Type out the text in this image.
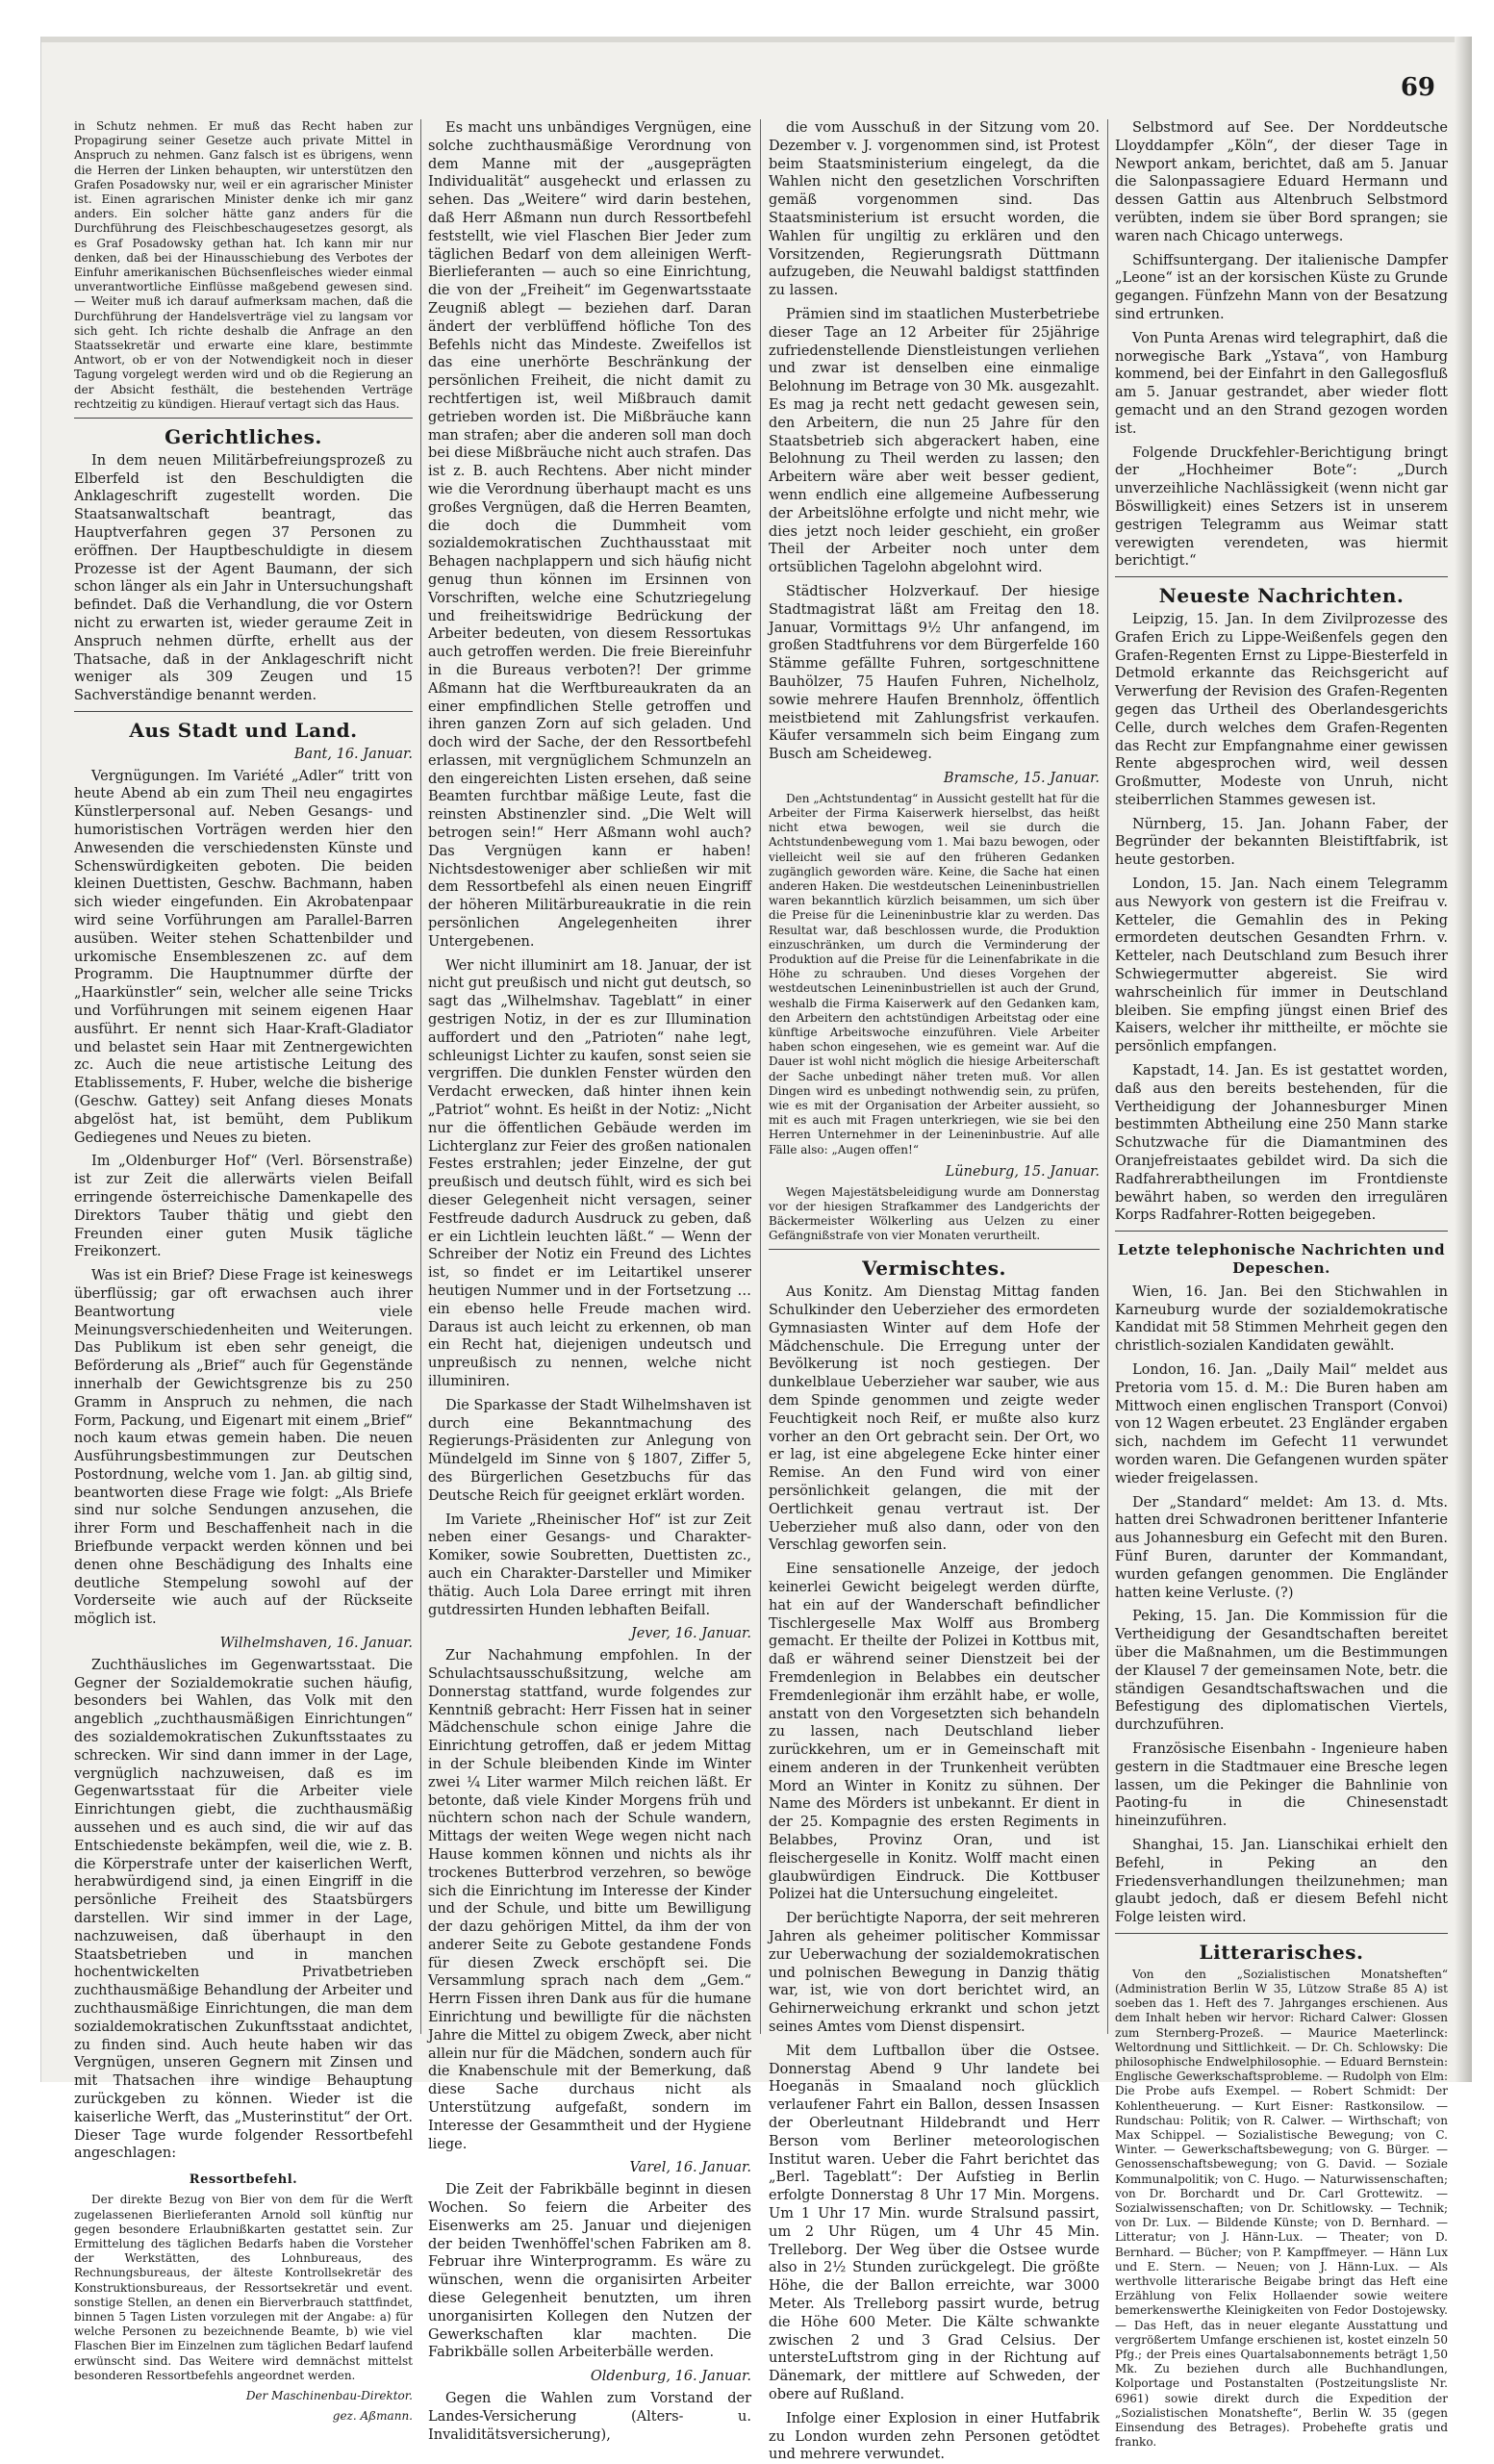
69

in Schutz nehmen. Er muß das Recht haben zur Propagirung seiner Gesetze auch private Mittel in Anspruch zu nehmen. Ganz falsch ist es übrigens, wenn die Herren der Linken behaupten, wir unterstützen den Grafen Posadowsky nur, weil er ein agrarischer Minister ist. Einen agrarischen Minister denke ich mir ganz anders. Ein solcher hätte ganz anders für die Durchführung des Fleischbeschaugesetzes gesorgt, als es Graf Posadowsky gethan hat. Ich kann mir nur denken, daß bei der Hinausschiebung des Verbotes der Einfuhr amerikanischen Büchsenfleisches wieder einmal unverantwortliche Einflüsse maßgebend gewesen sind. — Weiter muß ich darauf aufmerksam machen, daß die Durchführung der Handelsverträge viel zu langsam vor sich geht. Ich richte deshalb die Anfrage an den Staatssekretär und erwarte eine klare, bestimmte Antwort, ob er von der Notwendigkeit noch in dieser Tagung vorgelegt werden wird und ob die Regierung an der Absicht festhält, die bestehenden Verträge rechtzeitig zu kündigen. Hierauf vertagt sich das Haus.

Gerichtliches.

In dem neuen Militärbefreiungsprozeß zu Elberfeld ist den Beschuldigten die Anklageschrift zugestellt worden. Die Staatsanwaltschaft beantragt, das Hauptverfahren gegen 37 Personen zu eröffnen. Der Hauptbeschuldigte in diesem Prozesse ist der Agent Baumann, der sich schon länger als ein Jahr in Untersuchungshaft befindet. Daß die Verhandlung, die vor Ostern nicht zu erwarten ist, wieder geraume Zeit in Anspruch nehmen dürfte, erhellt aus der Thatsache, daß in der Anklageschrift nicht weniger als 309 Zeugen und 15 Sachverständige benannt werden.

Aus Stadt und Land.
Bant, 16. Januar.

Vergnügungen. Im Variété „Adler“ tritt von heute Abend ab ein zum Theil neu engagirtes Künstlerpersonal auf. Neben Gesangs- und humoristischen Vorträgen werden hier den Anwesenden die verschiedensten Künste und Schenswürdigkeiten geboten. Die beiden kleinen Duettisten, Geschw. Bachmann, haben sich wieder eingefunden. Ein Akrobatenpaar wird seine Vorführungen am Parallel-Barren ausüben. Weiter stehen Schattenbilder und urkomische Ensembleszenen zc. auf dem Programm. Die Hauptnummer dürfte der „Haarkünstler“ sein, welcher alle seine Tricks und Vorführungen mit seinem eigenen Haar ausführt. Er nennt sich Haar-Kraft-Gladiator und belastet sein Haar mit Zentnergewichten zc. Auch die neue artistische Leitung des Etablissements, F. Huber, welche die bisherige (Geschw. Gattey) seit Anfang dieses Monats abgelöst hat, ist bemüht, dem Publikum Gediegenes und Neues zu bieten.

Im „Oldenburger Hof“ (Verl. Börsenstraße) ist zur Zeit die allerwärts vielen Beifall erringende österreichische Damenkapelle des Direktors Tauber thätig und giebt den Freunden einer guten Musik tägliche Freikonzert.

Was ist ein Brief? Diese Frage ist keineswegs überflüssig; gar oft erwachsen auch ihrer Beantwortung viele Meinungsverschiedenheiten und Weiterungen. Das Publikum ist eben sehr geneigt, die Beförderung als „Brief“ auch für Gegenstände innerhalb der Gewichtsgrenze bis zu 250 Gramm in Anspruch zu nehmen, die nach Form, Packung, und Eigenart mit einem „Brief“ noch kaum etwas gemein haben. Die neuen Ausführungsbestimmungen zur Deutschen Postordnung, welche vom 1. Jan. ab giltig sind, beantworten diese Frage wie folgt: „Als Briefe sind nur solche Sendungen anzusehen, die ihrer Form und Beschaffenheit nach in die Briefbunde verpackt werden können und bei denen ohne Beschädigung des Inhalts eine deutliche Stempelung sowohl auf der Vorderseite wie auch auf der Rückseite möglich ist.

Wilhelmshaven, 16. Januar.

Zuchthäusliches im Gegenwartsstaat. Die Gegner der Sozialdemokratie suchen häufig, besonders bei Wahlen, das Volk mit den angeblich „zuchthausmäßigen Einrichtungen“ des sozialdemokratischen Zukunftsstaates zu schrecken. Wir sind dann immer in der Lage, vergnüglich nachzuweisen, daß es im Gegenwartsstaat für die Arbeiter viele Einrichtungen giebt, die zuchthausmäßig aussehen und es auch sind, die wir auf das Entschiedenste bekämpfen, weil die, wie z. B. die Körperstrafe unter der kaiserlichen Werft, herabwürdigend sind, ja einen Eingriff in die persönliche Freiheit des Staatsbürgers darstellen. Wir sind immer in der Lage, nachzuweisen, daß überhaupt in den Staatsbetrieben und in manchen hochentwickelten Privatbetrieben zuchthausmäßige Behandlung der Arbeiter und zuchthausmäßige Einrichtungen, die man dem sozialdemokratischen Zukunftsstaat andichtet, zu finden sind. Auch heute haben wir das Vergnügen, unseren Gegnern mit Zinsen und mit Thatsachen ihre windige Behauptung zurückgeben zu können. Wieder ist die kaiserliche Werft, das „Musterinstitut“ der Ort. Dieser Tage wurde folgender Ressortbefehl angeschlagen:

Ressortbefehl.

Der direkte Bezug von Bier von dem für die Werft zugelassenen Bierlieferanten Arnold soll künftig nur gegen besondere Erlaubnißkarten gestattet sein. Zur Ermittelung des täglichen Bedarfs haben die Vorsteher der Werkstätten, des Lohnbureaus, des Rechnungsbureaus, der älteste Kontrollsekretär des Konstruktionsbureaus, der Ressortsekretär und event. sonstige Stellen, an denen ein Bierverbrauch stattfindet, binnen 5 Tagen Listen vorzulegen mit der Angabe: a) für welche Personen zu bezeichnende Beamte, b) wie viel Flaschen Bier im Einzelnen zum täglichen Bedarf laufend erwünscht sind. Das Weitere wird demnächst mittelst besonderen Ressortbefehls angeordnet werden.

Der Maschinenbau-Direktor.
gez. Aßmann.

Es macht uns unbändiges Vergnügen, eine solche zuchthausmäßige Verordnung von dem Manne mit der „ausgeprägten Individualität“ ausgeheckt und erlassen zu sehen. Das „Weitere“ wird darin bestehen, daß Herr Aßmann nun durch Ressortbefehl feststellt, wie viel Flaschen Bier Jeder zum täglichen Bedarf von dem alleinigen Werft-Bierlieferanten — auch so eine Einrichtung, die von der „Freiheit“ im Gegenwartsstaate Zeugniß ablegt — beziehen darf. Daran ändert der verblüffend höfliche Ton des Befehls nicht das Mindeste. Zweifellos ist das eine unerhörte Beschränkung der persönlichen Freiheit, die nicht damit zu rechtfertigen ist, weil Mißbrauch damit getrieben worden ist. Die Mißbräuche kann man strafen; aber die anderen soll man doch bei diese Mißbräuche nicht auch strafen. Das ist z. B. auch Rechtens. Aber nicht minder wie die Verordnung überhaupt macht es uns großes Vergnügen, daß die Herren Beamten, die doch die Dummheit vom sozialdemokratischen Zuchthausstaat mit Behagen nachplappern und sich häufig nicht genug thun können im Ersinnen von Vorschriften, welche eine Schutzriegelung und freiheitswidrige Bedrückung der Arbeiter bedeuten, von diesem Ressortukas auch getroffen werden. Die freie Biereinfuhr in die Bureaus verboten?! Der grimme Aßmann hat die Werftbureaukraten da an einer empfindlichen Stelle getroffen und ihren ganzen Zorn auf sich geladen. Und doch wird der Sache, der den Ressortbefehl erlassen, mit vergnüglichem Schmunzeln an den eingereichten Listen ersehen, daß seine Beamten furchtbar mäßige Leute, fast die reinsten Abstinenzler sind. „Die Welt will betrogen sein!“ Herr Aßmann wohl auch? Das Vergnügen kann er haben! Nichtsdestoweniger aber schließen wir mit dem Ressortbefehl als einen neuen Eingriff der höheren Militärbureaukratie in die rein persönlichen Angelegenheiten ihrer Untergebenen.

Wer nicht illuminirt am 18. Januar, der ist nicht gut preußisch und nicht gut deutsch, so sagt das „Wilhelmshav. Tageblatt“ in einer gestrigen Notiz, in der es zur Illumination auffordert und den „Patrioten“ nahe legt, schleunigst Lichter zu kaufen, sonst seien sie vergriffen. Die dunklen Fenster würden den Verdacht erwecken, daß hinter ihnen kein „Patriot“ wohnt. Es heißt in der Notiz: „Nicht nur die öffentlichen Gebäude werden im Lichterglanz zur Feier des großen nationalen Festes erstrahlen; jeder Einzelne, der gut preußisch und deutsch fühlt, wird es sich bei dieser Gelegenheit nicht versagen, seiner Festfreude dadurch Ausdruck zu geben, daß er ein Lichtlein leuchten läßt.“ — Wenn der Schreiber der Notiz ein Freund des Lichtes ist, so findet er im Leitartikel unserer heutigen Nummer und in der Fortsetzung … ein ebenso helle Freude machen wird. Daraus ist auch leicht zu erkennen, ob man ein Recht hat, diejenigen undeutsch und unpreußisch zu nennen, welche nicht illuminiren.

Die Sparkasse der Stadt Wilhelmshaven ist durch eine Bekanntmachung des Regierungs-Präsidenten zur Anlegung von Mündelgeld im Sinne von § 1807, Ziffer 5, des Bürgerlichen Gesetzbuchs für das Deutsche Reich für geeignet erklärt worden.

Im Variete „Rheinischer Hof“ ist zur Zeit neben einer Gesangs- und Charakter-Komiker, sowie Soubretten, Duettisten zc., auch ein Charakter-Darsteller und Mimiker thätig. Auch Lola Daree erringt mit ihren gutdressirten Hunden lebhaften Beifall.

Jever, 16. Januar.

Zur Nachahmung empfohlen. In der Schulachtsausschußsitzung, welche am Donnerstag stattfand, wurde folgendes zur Kenntniß gebracht: Herr Fissen hat in seiner Mädchenschule schon einige Jahre die Einrichtung getroffen, daß er jedem Mittag in der Schule bleibenden Kinde im Winter zwei ¼ Liter warmer Milch reichen läßt. Er betonte, daß viele Kinder Morgens früh und nüchtern schon nach der Schule wandern, Mittags der weiten Wege wegen nicht nach Hause kommen können und nichts als ihr trockenes Butterbrod verzehren, so bewöge sich die Einrichtung im Interesse der Kinder und der Schule, und bitte um Bewilligung der dazu gehörigen Mittel, da ihm der von anderer Seite zu Gebote gestandene Fonds für diesen Zweck erschöpft sei. Die Versammlung sprach nach dem „Gem.“ Herrn Fissen ihren Dank aus für die humane Einrichtung und bewilligte für die nächsten Jahre die Mittel zu obigem Zweck, aber nicht allein nur für die Mädchen, sondern auch für die Knabenschule mit der Bemerkung, daß diese Sache durchaus nicht als Unterstützung aufgefaßt, sondern im Interesse der Gesammtheit und der Hygiene liege.

Varel, 16. Januar.

Die Zeit der Fabrikbälle beginnt in diesen Wochen. So feiern die Arbeiter des Eisenwerks am 25. Januar und diejenigen der beiden Twenhöffel'schen Fabriken am 8. Februar ihre Winterprogramm. Es wäre zu wünschen, wenn die organisirten Arbeiter diese Gelegenheit benutzten, um ihren unorganisirten Kollegen den Nutzen der Gewerkschaften klar machten. Die Fabrikbälle sollen Arbeiterbälle werden.

Oldenburg, 16. Januar.

Gegen die Wahlen zum Vorstand der Landes-Versicherung (Alters- u. Invaliditätsversicherung),

die vom Ausschuß in der Sitzung vom 20. Dezember v. J. vorgenommen sind, ist Protest beim Staatsministerium eingelegt, da die Wahlen nicht den gesetzlichen Vorschriften gemäß vorgenommen sind. Das Staatsministerium ist ersucht worden, die Wahlen für ungiltig zu erklären und den Vorsitzenden, Regierungsrath Düttmann aufzugeben, die Neuwahl baldigst stattfinden zu lassen.

Prämien sind im staatlichen Musterbetriebe dieser Tage an 12 Arbeiter für 25jährige zufriedenstellende Dienstleistungen verliehen und zwar ist denselben eine einmalige Belohnung im Betrage von 30 Mk. ausgezahlt. Es mag ja recht nett gedacht gewesen sein, den Arbeitern, die nun 25 Jahre für den Staatsbetrieb sich abgerackert haben, eine Belohnung zu Theil werden zu lassen; den Arbeitern wäre aber weit besser gedient, wenn endlich eine allgemeine Aufbesserung der Arbeitslöhne erfolgte und nicht mehr, wie dies jetzt noch leider geschieht, ein großer Theil der Arbeiter noch unter dem ortsüblichen Tagelohn abgelohnt wird.

Städtischer Holzverkauf. Der hiesige Stadtmagistrat läßt am Freitag den 18. Januar, Vormittags 9½ Uhr anfangend, im großen Stadtfuhrens vor dem Bürgerfelde 160 Stämme gefällte Fuhren, sortgeschnittene Bauhölzer, 75 Haufen Fuhren, Nichelholz, sowie mehrere Haufen Brennholz, öffentlich meistbietend mit Zahlungsfrist verkaufen. Käufer versammeln sich beim Eingang zum Busch am Scheideweg.

Bramsche, 15. Januar.

Den „Achtstundentag“ in Aussicht gestellt hat für die Arbeiter der Firma Kaiserwerk hierselbst, das heißt nicht etwa bewogen, weil sie durch die Achtstundenbewegung vom 1. Mai bazu bewogen, oder vielleicht weil sie auf den früheren Gedanken zugänglich geworden wäre. Keine, die Sache hat einen anderen Haken. Die westdeutschen Leineninbustriellen waren bekanntlich kürzlich beisammen, um sich über die Preise für die Leineninbustrie klar zu werden. Das Resultat war, daß beschlossen wurde, die Produktion einzuschränken, um durch die Verminderung der Produktion auf die Preise für die Leinenfabrikate in die Höhe zu schrauben. Und dieses Vorgehen der westdeutschen Leineninbustriellen ist auch der Grund, weshalb die Firma Kaiserwerk auf den Gedanken kam, den Arbeitern den achtstündigen Arbeitstag oder eine künftige Arbeitswoche einzuführen. Viele Arbeiter haben schon eingesehen, wie es gemeint war. Auf die Dauer ist wohl nicht möglich die hiesige Arbeiterschaft der Sache unbedingt näher treten muß. Vor allen Dingen wird es unbedingt nothwendig sein, zu prüfen, wie es mit der Organisation der Arbeiter aussieht, so mit es auch mit Fragen unterkriegen, wie sie bei den Herren Unternehmer in der Leineninbustrie. Auf alle Fälle also: „Augen offen!“

Lüneburg, 15. Januar.

Wegen Majestätsbeleidigung wurde am Donnerstag vor der hiesigen Strafkammer des Landgerichts der Bäckermeister Wölkerling aus Uelzen zu einer Gefängnißstrafe von vier Monaten verurtheilt.

Vermischtes.

Aus Konitz. Am Dienstag Mittag fanden Schulkinder den Ueberzieher des ermordeten Gymnasiasten Winter auf dem Hofe der Mädchenschule. Die Erregung unter der Bevölkerung ist noch gestiegen. Der dunkelblaue Ueberzieher war sauber, wie aus dem Spinde genommen und zeigte weder Feuchtigkeit noch Reif, er mußte also kurz vorher an den Ort gebracht sein. Der Ort, wo er lag, ist eine abgelegene Ecke hinter einer Remise. An den Fund wird von einer persönlichkeit gelangen, die mit der Oertlichkeit genau vertraut ist. Der Ueberzieher muß also dann, oder von den Verschlag geworfen sein.

Eine sensationelle Anzeige, der jedoch keinerlei Gewicht beigelegt werden dürfte, hat ein auf der Wanderschaft befindlicher Tischlergeselle Max Wolff aus Bromberg gemacht. Er theilte der Polizei in Kottbus mit, daß er während seiner Dienstzeit bei der Fremdenlegion in Belabbes ein deutscher Fremdenlegionär ihm erzählt habe, er wolle, anstatt von den Vorgesetzten sich behandeln zu lassen, nach Deutschland lieber zurückkehren, um er in Gemeinschaft mit einem anderen in der Trunkenheit verübten Mord an Winter in Konitz zu sühnen. Der Name des Mörders ist unbekannt. Er dient in der 25. Kompagnie des ersten Regiments in Belabbes, Provinz Oran, und ist fleischergeselle in Konitz. Wolff macht einen glaubwürdigen Eindruck. Die Kottbuser Polizei hat die Untersuchung eingeleitet.

Der berüchtigte Naporra, der seit mehreren Jahren als geheimer politischer Kommissar zur Ueberwachung der sozialdemokratischen und polnischen Bewegung in Danzig thätig war, ist, wie von dort berichtet wird, an Gehirnerweichung erkrankt und schon jetzt seines Amtes vom Dienst dispensirt.

Mit dem Luftballon über die Ostsee. Donnerstag Abend 9 Uhr landete bei Hoeganäs in Smaaland noch glücklich verlaufener Fahrt ein Ballon, dessen Insassen der Oberleutnant Hildebrandt und Herr Berson vom Berliner meteorologischen Institut waren. Ueber die Fahrt berichtet das „Berl. Tageblatt“: Der Aufstieg in Berlin erfolgte Donnerstag 8 Uhr 17 Min. Morgens. Um 1 Uhr 17 Min. wurde Stralsund passirt, um 2 Uhr Rügen, um 4 Uhr 45 Min. Trelleborg. Der Weg über die Ostsee wurde also in 2½ Stunden zurückgelegt. Die größte Höhe, die der Ballon erreichte, war 3000 Meter. Als Trelleborg passirt wurde, betrug die Höhe 600 Meter. Die Kälte schwankte zwischen 2 und 3 Grad Celsius. Der untersteLuftstrom ging in der Richtung auf Dänemark, der mittlere auf Schweden, der obere auf Rußland.

Infolge einer Explosion in einer Hutfabrik zu London wurden zehn Personen getödtet und mehrere verwundet.

Selbstmord auf See. Der Norddeutsche Lloyddampfer „Köln“, der dieser Tage in Newport ankam, berichtet, daß am 5. Januar die Salonpassagiere Eduard Hermann und dessen Gattin aus Altenbruch Selbstmord verübten, indem sie über Bord sprangen; sie waren nach Chicago unterwegs.

Schiffsuntergang. Der italienische Dampfer „Leone“ ist an der korsischen Küste zu Grunde gegangen. Fünfzehn Mann von der Besatzung sind ertrunken.

Von Punta Arenas wird telegraphirt, daß die norwegische Bark „Ystava“, von Hamburg kommend, bei der Einfahrt in den Gallegosfluß am 5. Januar gestrandet, aber wieder flott gemacht und an den Strand gezogen worden ist.

Folgende Druckfehler-Berichtigung bringt der „Hochheimer Bote“: „Durch unverzeihliche Nachlässigkeit (wenn nicht gar Böswilligkeit) eines Setzers ist in unserem gestrigen Telegramm aus Weimar statt verewigten verendeten, was hiermit berichtigt.“

Neueste Nachrichten.

Leipzig, 15. Jan. In dem Zivilprozesse des Grafen Erich zu Lippe-Weißenfels gegen den Grafen-Regenten Ernst zu Lippe-Biesterfeld in Detmold erkannte das Reichsgericht auf Verwerfung der Revision des Grafen-Regenten gegen das Urtheil des Oberlandesgerichts Celle, durch welches dem Grafen-Regenten das Recht zur Empfangnahme einer gewissen Rente abgesprochen wird, weil dessen Großmutter, Modeste von Unruh, nicht steiberrlichen Stammes gewesen ist.

Nürnberg, 15. Jan. Johann Faber, der Begründer der bekannten Bleistiftfabrik, ist heute gestorben.

London, 15. Jan. Nach einem Telegramm aus Newyork von gestern ist die Freifrau v. Ketteler, die Gemahlin des in Peking ermordeten deutschen Gesandten Frhrn. v. Ketteler, nach Deutschland zum Besuch ihrer Schwiegermutter abgereist. Sie wird wahrscheinlich für immer in Deutschland bleiben. Sie empfing jüngst einen Brief des Kaisers, welcher ihr mittheilte, er möchte sie persönlich empfangen.

Kapstadt, 14. Jan. Es ist gestattet worden, daß aus den bereits bestehenden, für die Vertheidigung der Johannesburger Minen bestimmten Abtheilung eine 250 Mann starke Schutzwache für die Diamantminen des Oranjefreistaates gebildet wird. Da sich die Radfahrerabtheilungen im Frontdienste bewährt haben, so werden den irregulären Korps Radfahrer-Rotten beigegeben.

Letzte telephonische Nachrichten und Depeschen.

Wien, 16. Jan. Bei den Stichwahlen in Karneuburg wurde der sozialdemokratische Kandidat mit 58 Stimmen Mehrheit gegen den christlich-sozialen Kandidaten gewählt.

London, 16. Jan. „Daily Mail“ meldet aus Pretoria vom 15. d. M.: Die Buren haben am Mittwoch einen englischen Transport (Convoi) von 12 Wagen erbeutet. 23 Engländer ergaben sich, nachdem im Gefecht 11 verwundet worden waren. Die Gefangenen wurden später wieder freigelassen.

Der „Standard“ meldet: Am 13. d. Mts. hatten drei Schwadronen berittener Infanterie aus Johannesburg ein Gefecht mit den Buren. Fünf Buren, darunter der Kommandant, wurden gefangen genommen. Die Engländer hatten keine Verluste. (?)

Peking, 15. Jan. Die Kommission für die Vertheidigung der Gesandtschaften bereitet über die Maßnahmen, um die Bestimmungen der Klausel 7 der gemeinsamen Note, betr. die ständigen Gesandtschaftswachen und die Befestigung des diplomatischen Viertels, durchzuführen.

Französische Eisenbahn - Ingenieure haben gestern in die Stadtmauer eine Bresche legen lassen, um die Pekinger die Bahnlinie von Paoting-fu in die Chinesenstadt hineinzuführen.

Shanghai, 15. Jan. Lianschikai erhielt den Befehl, in Peking an den Friedensverhandlungen theilzunehmen; man glaubt jedoch, daß er diesem Befehl nicht Folge leisten wird.

Litterarisches.

Von den „Sozialistischen Monatsheften“ (Administration Berlin W 35, Lützow Straße 85 A) ist soeben das 1. Heft des 7. Jahrganges erschienen. Aus dem Inhalt heben wir hervor: Richard Calwer: Glossen zum Sternberg-Prozeß. — Maurice Maeterlinck: Weltordnung und Sittlichkeit. — Dr. Ch. Schlowsky: Die philosophische Endwelphilosophie. — Eduard Bernstein: Englische Gewerkschaftsprobleme. — Rudolph von Elm: Die Probe aufs Exempel. — Robert Schmidt: Der Kohlentheuerung. — Kurt Eisner: Rastkonsilow. — Rundschau: Politik; von R. Calwer. — Wirthschaft; von Max Schippel. — Sozialistische Bewegung; von C. Winter. — Gewerkschaftsbewegung; von G. Bürger. — Genossenschaftsbewegung; von G. David. — Soziale Kommunalpolitik; von C. Hugo. — Naturwissenschaften; von Dr. Borchardt und Dr. Carl Grottewitz. — Sozialwissenschaften; von Dr. Schitlowsky. — Technik; von Dr. Lux. — Bildende Künste; von D. Bernhard. — Litteratur; von J. Hänn-Lux. — Theater; von D. Bernhard. — Bücher; von P. Kampffmeyer. — Hänn Lux und E. Stern. — Neuen; von J. Hänn-Lux. — Als werthvolle litterarische Beigabe bringt das Heft eine Erzählung von Felix Hollaender sowie weitere bemerkenswerthe Kleinigkeiten von Fedor Dostojewsky. — Das Heft, das in neuer elegante Ausstattung und vergrößertem Umfange erschienen ist, kostet einzeln 50 Pfg.; der Preis eines Quartalsabonnements beträgt 1,50 Mk. Zu beziehen durch alle Buchhandlungen, Kolportage und Postanstalten (Postzeitungsliste Nr. 6961) sowie direkt durch die Expedition der „Sozialistischen Monatshefte“, Berlin W. 35 (gegen Einsendung des Betrages). Probehefte gratis und franko.
